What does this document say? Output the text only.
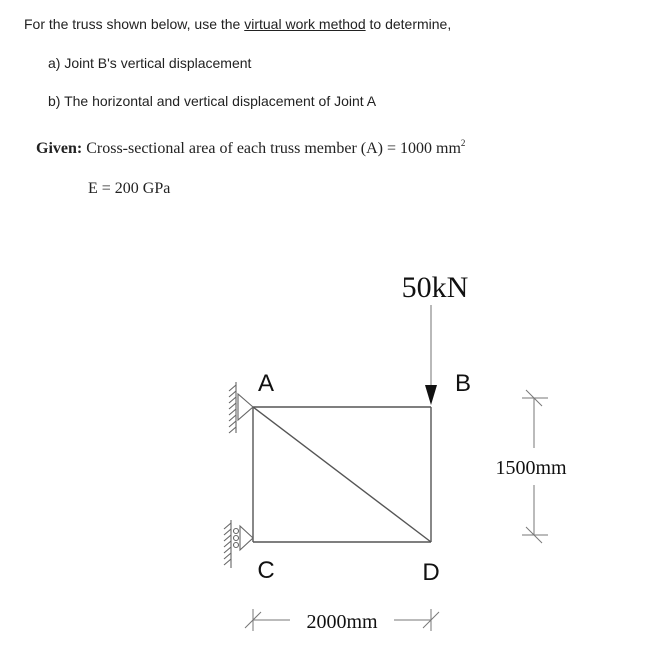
For the truss shown below, use the virtual work method to determine,
a) Joint B's vertical displacement
b) The horizontal and vertical displacement of Joint A
Given: Cross-sectional area of each truss member (A) = 1000 $mm^2$
E = 200 GPa
50kN
A	B
C	D
1500mm
2000mm
